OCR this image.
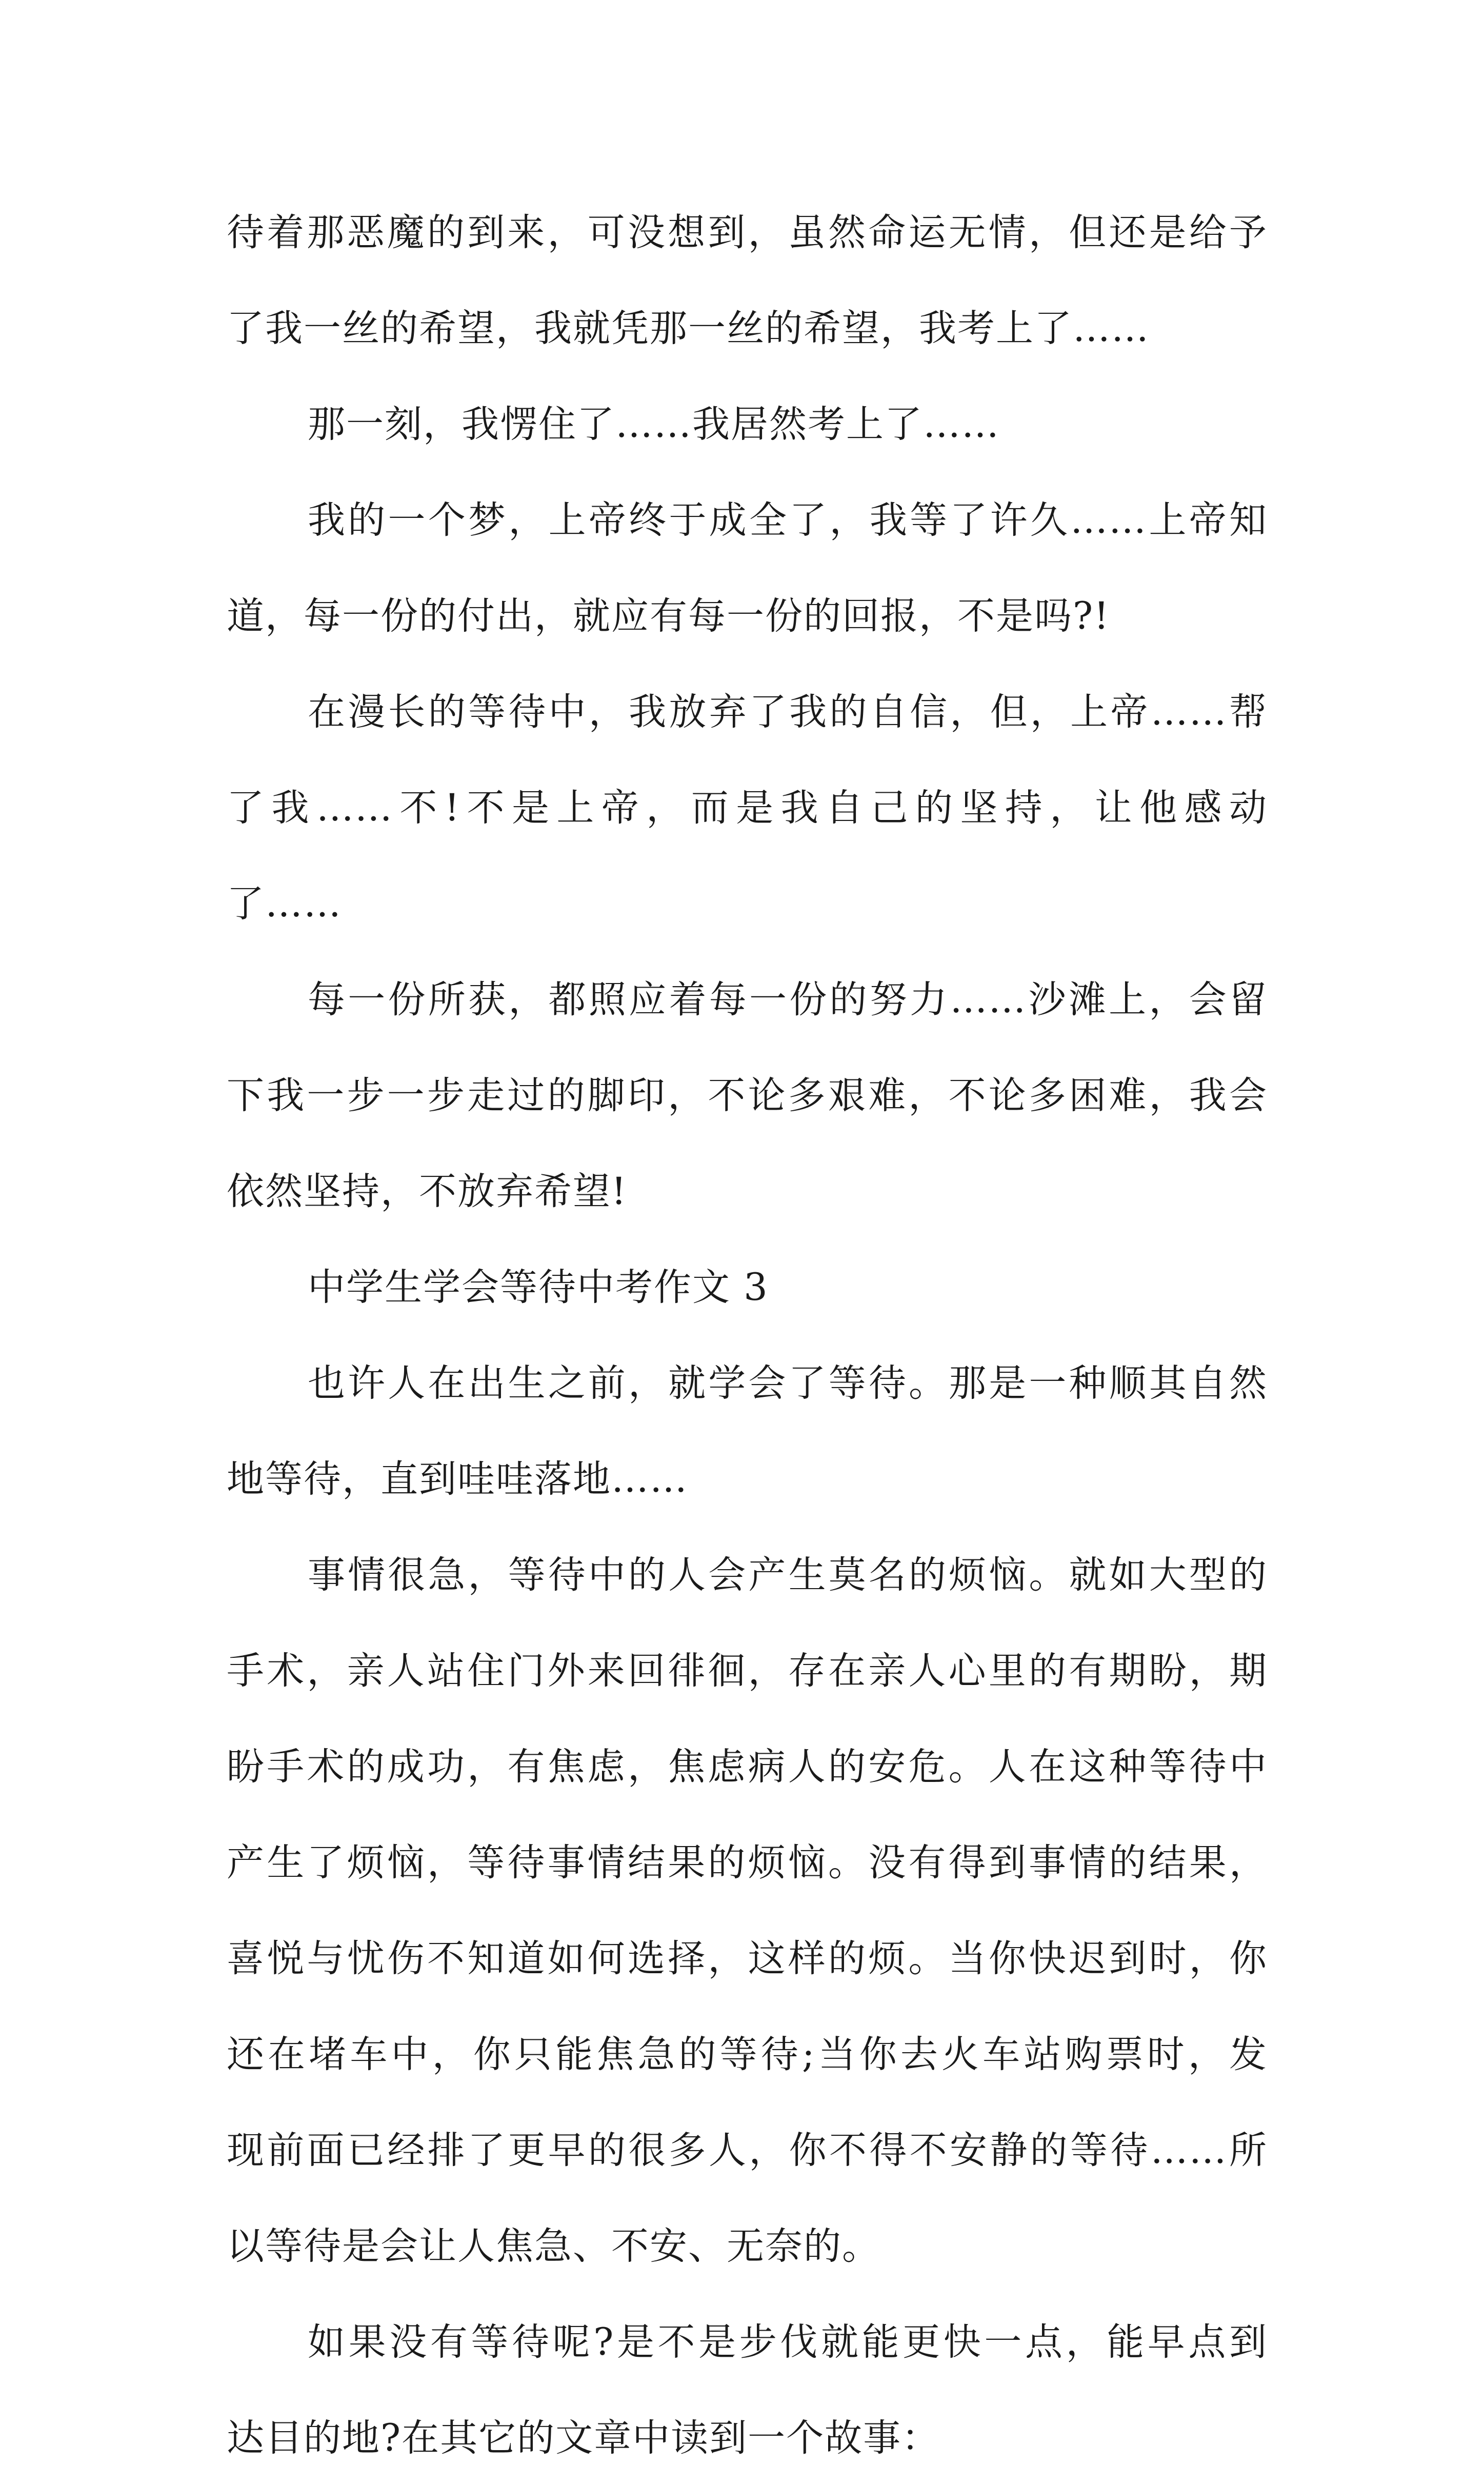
待着那恶魔的到来，可没想到，虽然命运无情，但还是给予
了我一丝的希望，我就凭那一丝的希望，我考上了……
那一刻，我愣住了……我居然考上了……
我的一个梦，上帝终于成全了，我等了许久……上帝知
道，每一份的付出，就应有每一份的回报，不是吗?!
在漫长的等待中，我放弃了我的自信，但，上帝……帮
了我……不!不是上帝，而是我自己的坚持，让他感动
了……
每一份所获，都照应着每一份的努力……沙滩上，会留
下我一步一步走过的脚印，不论多艰难，不论多困难，我会
依然坚持，不放弃希望!
中学生学会等待中考作文 3
也许人在出生之前，就学会了等待。那是一种顺其自然
地等待，直到哇哇落地……
事情很急，等待中的人会产生莫名的烦恼。就如大型的
手术，亲人站住门外来回徘徊，存在亲人心里的有期盼，期
盼手术的成功，有焦虑，焦虑病人的安危。人在这种等待中
产生了烦恼，等待事情结果的烦恼。没有得到事情的结果，
喜悦与忧伤不知道如何选择，这样的烦。当你快迟到时，你
还在堵车中，你只能焦急的等待;当你去火车站购票时，发
现前面已经排了更早的很多人，你不得不安静的等待……所
以等待是会让人焦急、不安、无奈的。
如果没有等待呢?是不是步伐就能更快一点，能早点到
达目的地?在其它的文章中读到一个故事：
